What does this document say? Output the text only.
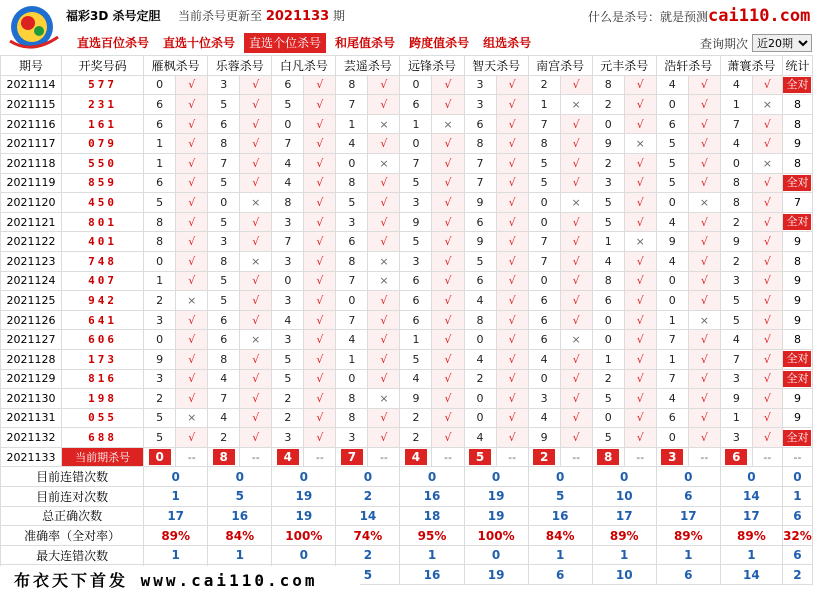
福彩3D 杀号定胆 当前杀号更新至 2021133 期	什么是杀号：就是预测cai110.com
直选百位杀号	直选十位杀号	直选个位杀号	和尾值杀号	跨度值杀号	组选杀号	查询期次
近20期
期号	开奖号码	雁枫杀号		乐蓉杀号		白凡杀号		芸遥杀号		远锋杀号		智天杀号		南宫杀号		元丰杀号		浩轩杀号		萧寰杀号		统计
2021114	577	0	√	3	√	6	√	8	√	0	√	3	√	2	√	8	√	4	√	4	√	全对
2021115	231	6	√	5	√	5	√	7	√	6	√	3	√	1	×	2	√	0	√	1	×	8
2021116	161	6	√	6	√	0	√	1	×	1	×	6	√	7	√	0	√	6	√	7	√	8
2021117	079	1	√	8	√	7	√	4	√	0	√	8	√	8	√	9	×	5	√	4	√	9
2021118	550	1	√	7	√	4	√	0	×	7	√	7	√	5	√	2	√	5	√	0	×	8
2021119	859	6	√	5	√	4	√	8	√	5	√	7	√	5	√	3	√	5	√	8	√	全对
2021120	450	5	√	0	×	8	√	5	√	3	√	9	√	0	×	5	√	0	×	8	√	7
2021121	801	8	√	5	√	3	√	3	√	9	√	6	√	0	√	5	√	4	√	2	√	全对
2021122	401	8	√	3	√	7	√	6	√	5	√	9	√	7	√	1	×	9	√	9	√	9
2021123	748	0	√	8	×	3	√	8	×	3	√	5	√	7	√	4	√	4	√	2	√	8
2021124	407	1	√	5	√	0	√	7	×	6	√	6	√	0	√	8	√	0	√	3	√	9
2021125	942	2	×	5	√	3	√	0	√	6	√	4	√	6	√	6	√	0	√	5	√	9
2021126	641	3	√	6	√	4	√	7	√	6	√	8	√	6	√	0	√	1	×	5	√	9
2021127	606	0	√	6	×	3	√	4	√	1	√	0	√	6	×	0	√	7	√	4	√	8
2021128	173	9	√	8	√	5	√	1	√	5	√	4	√	4	√	1	√	1	√	7	√	全对
2021129	816	3	√	4	√	5	√	0	√	4	√	2	√	0	√	2	√	7	√	3	√	全对
2021130	198	2	√	7	√	2	√	8	×	9	√	0	√	3	√	5	√	4	√	9	√	9
2021131	055	5	×	4	√	2	√	8	√	2	√	0	√	4	√	0	√	6	√	1	√	9
2021132	688	5	√	2	√	3	√	3	√	2	√	4	√	9	√	5	√	0	√	3	√	全对
2021133	当前期杀号	0	--	8	--	4	--	7	--	4	--	5	--	2	--	8	--	3	--	6	--	--
目前连错次数		0		0		0		0		0		0		0		0		0		0		0
目前连对次数		1		5		19		2		16		19		5		10		6		14		1
总正确次数		17		16		19		14		18		19		16		17		17		17		6
准确率（全对率）		89%		84%		100%		74%		95%		100%		84%		89%		89%		89%		32%
最大连错次数		1		1		0		2		1		0		1		1		1		1		6
								5		16		19		6		10		6		14		2
布衣天下首发 www.cai110.com
